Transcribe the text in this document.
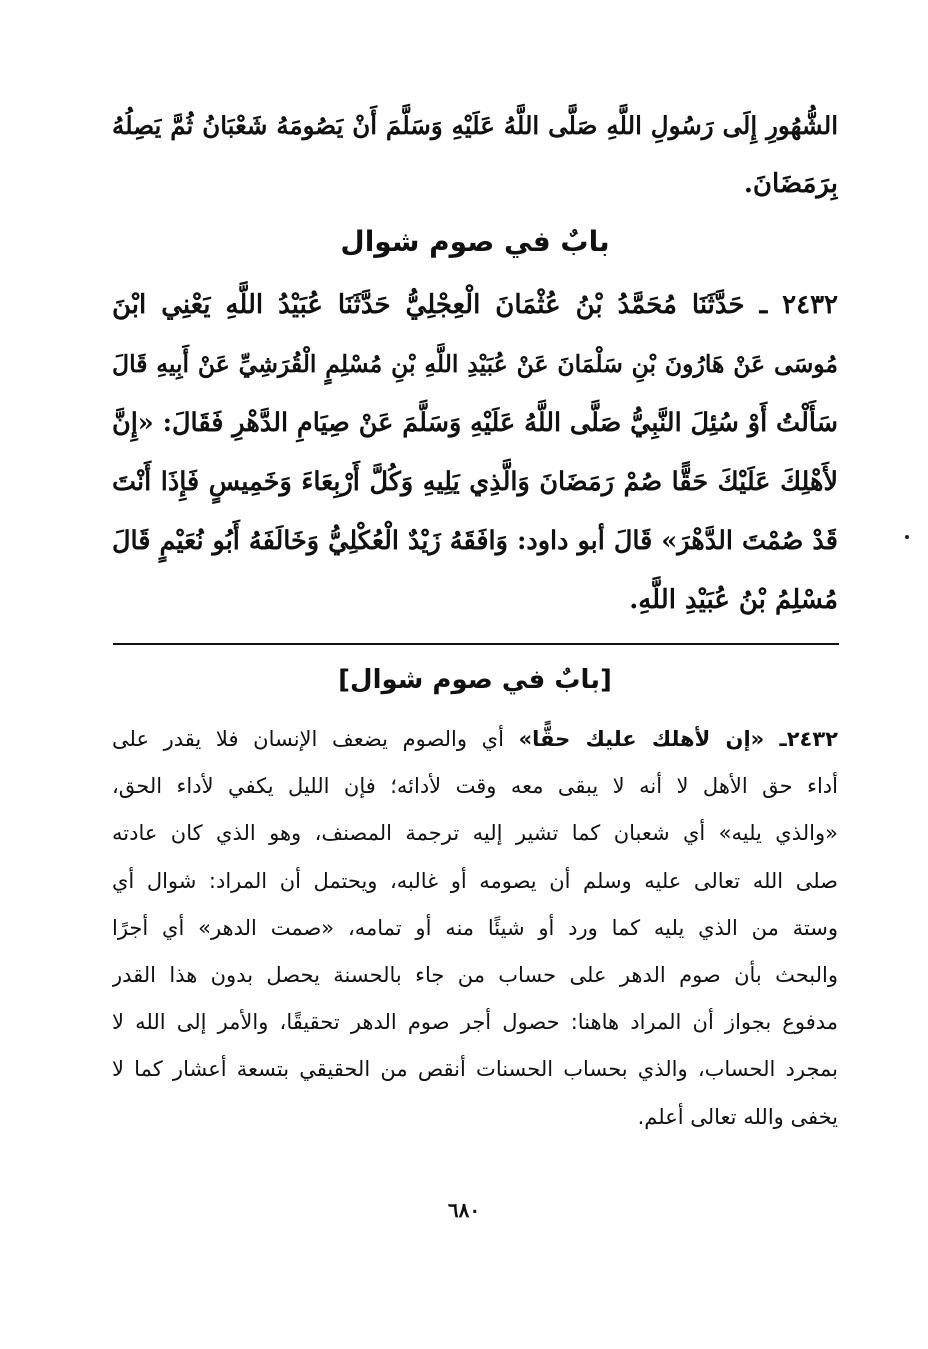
الشُّهُورِ إِلَى رَسُولِ اللَّهِ صَلَّى اللَّهُ عَلَيْهِ وَسَلَّمَ أَنْ يَصُومَهُ شَعْبَانُ ثُمَّ يَصِلُهُ
بِرَمَضَانَ.
بابٌ في صوم شوال
٢٤٣٢ ـ حَدَّثَنَا مُحَمَّدُ بْنُ عُثْمَانَ الْعِجْلِيُّ حَدَّثَنَا عُبَيْدُ اللَّهِ يَعْنِي ابْنَ
مُوسَى عَنْ هَارُونَ بْنِ سَلْمَانَ عَنْ عُبَيْدِ اللَّهِ بْنِ مُسْلِمٍ الْقُرَشِيِّ عَنْ أَبِيهِ قَالَ
سَأَلْتُ أَوْ سُئِلَ النَّبِيُّ صَلَّى اللَّهُ عَلَيْهِ وَسَلَّمَ عَنْ صِيَامِ الدَّهْرِ فَقَالَ: «إِنَّ
لأَهْلِكَ عَلَيْكَ حَقًّا صُمْ رَمَضَانَ وَالَّذِي يَلِيهِ وَكُلَّ أَرْبِعَاءَ وَخَمِيسٍ فَإِذَا أَنْتَ
قَدْ صُمْتَ الدَّهْرَ» قَالَ أبو داود: وَافَقَهُ زَيْدٌ الْعُكْلِيُّ وَخَالَفَهُ أَبُو نُعَيْمٍ قَالَ
مُسْلِمُ بْنُ عُبَيْدِ اللَّهِ.
[بابٌ في صوم شوال]
٢٤٣٢ـ «إن لأهلك عليك حقًّا» أي والصوم يضعف الإنسان فلا يقدر على
أداء حق الأهل لا أنه لا يبقى معه وقت لأدائه؛ فإن الليل يكفي لأداء الحق،
«والذي يليه» أي شعبان كما تشير إليه ترجمة المصنف، وهو الذي كان عادته
صلى الله تعالى عليه وسلم أن يصومه أو غالبه، ويحتمل أن المراد: شوال أي
وستة من الذي يليه كما ورد أو شيئًا منه أو تمامه، «صمت الدهر» أي أجرًا
والبحث بأن صوم الدهر على حساب من جاء بالحسنة يحصل بدون هذا القدر
مدفوع بجواز أن المراد هاهنا: حصول أجر صوم الدهر تحقيقًا، والأمر إلى الله لا
بمجرد الحساب، والذي بحساب الحسنات أنقص من الحقيقي بتسعة أعشار كما لا
يخفى والله تعالى أعلم.
٦٨٠
